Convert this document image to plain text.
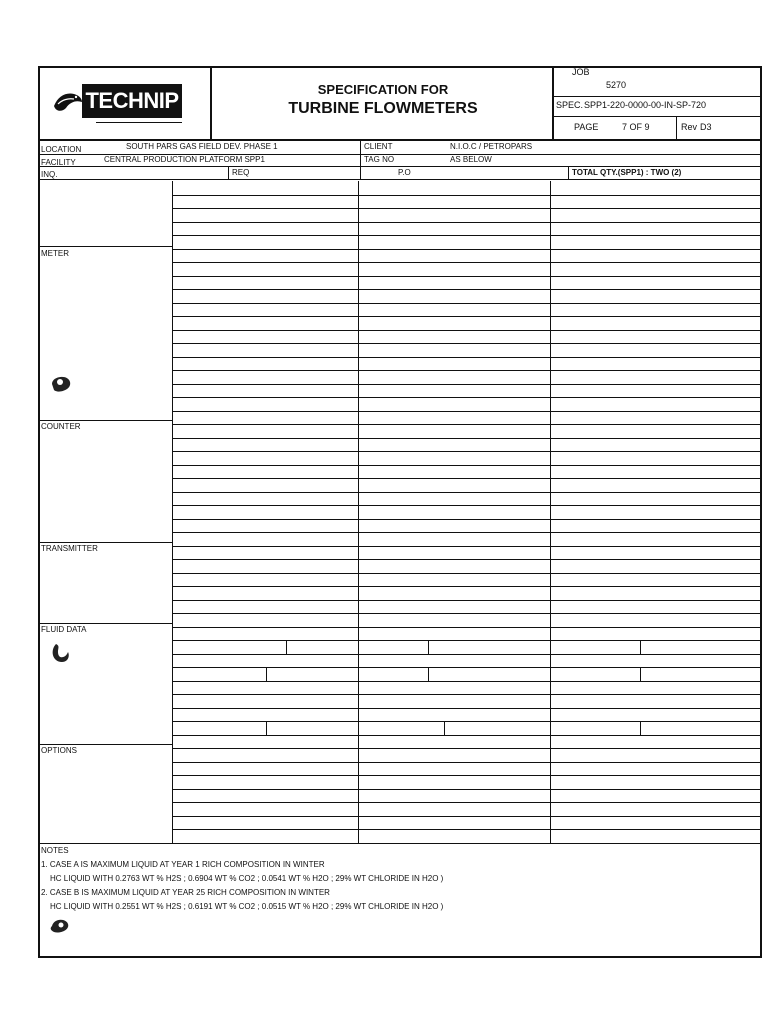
TECHNIP	SPECIFICATION FOR
TURBINE FLOWMETERS
JOB
5270
SPEC. SPP1-220-0000-00-IN-SP-720
PAGE	7 OF 9	Rev D3
LOCATION	SOUTH PARS GAS FIELD DEV. PHASE 1
FACILITY	CENTRAL PRODUCTION PLATFORM SPP1
INQ.
CLIENT	N.I.O.C / PETROPARS
TAG NO	AS BELOW
REQ	P.O	TOTAL QTY.(SPP1) : TWO (2)
METER
COUNTER
TRANSMITTER
FLUID DATA
OPTIONS
NOTES
1. CASE A IS MAXIMUM LIQUID AT YEAR 1 RICH COMPOSITION IN WINTER
HC LIQUID WITH 0.2763 WT % H2S ; 0.6904 WT % CO2 ; 0.0541 WT % H2O ; 29% WT CHLORIDE IN H2O )
2. CASE B IS MAXIMUM LIQUID AT YEAR 25 RICH COMPOSITION IN WINTER
HC LIQUID WITH 0.2551 WT % H2S ; 0.6191 WT % CO2 ; 0.0515 WT % H2O ; 29% WT CHLORIDE IN H2O )
